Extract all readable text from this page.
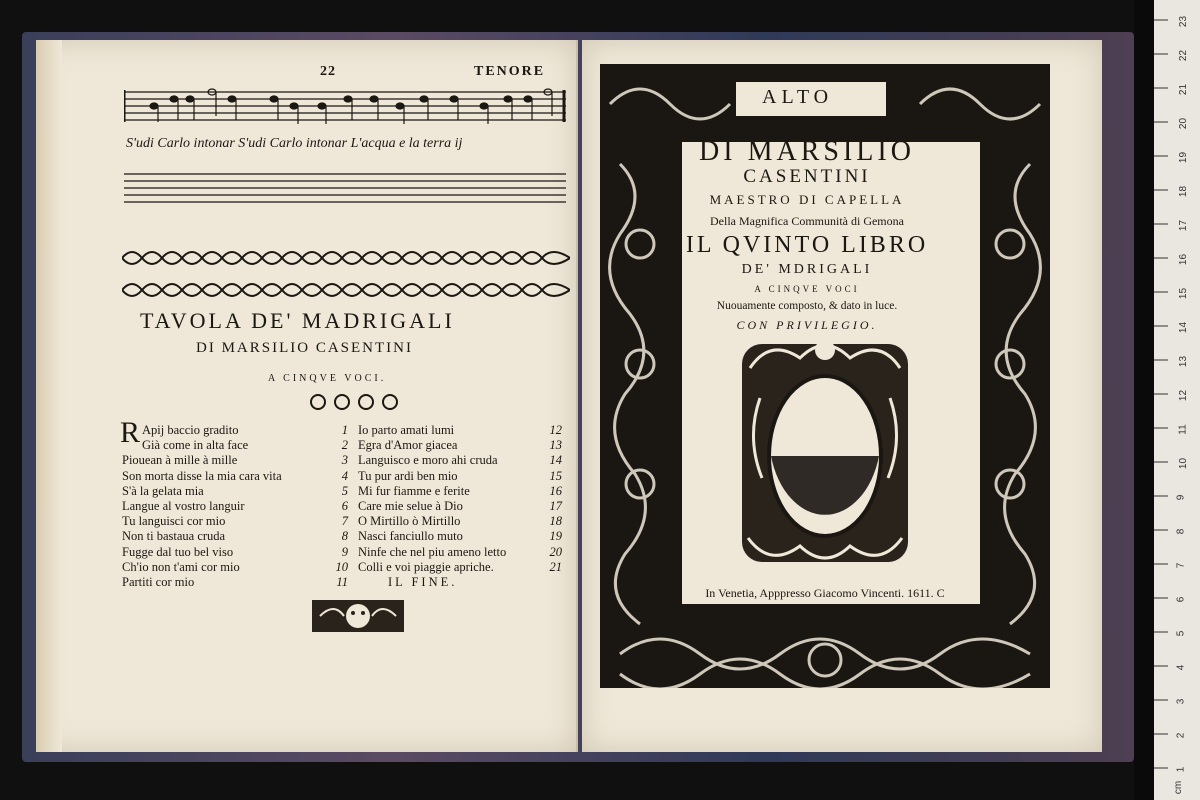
22	TENORE
S'udi Carlo intonar S'udi Carlo intonar L'acqua e la terra ij
TAVOLA DE' MADRIGALI
DI MARSILIO CASENTINI
A CINQVE VOCI.
R Apij baccio gradito
Già come in alta face
Piouean à mille à mille
Son morta disse la mia cara vita
S'à la gelata mia
Langue al vostro languir
Tu languisci cor mio
Non ti bastaua cruda
Fugge dal tuo bel viso
Ch'io non t'ami cor mio
Partiti cor mio
1
2
3
4
5
6
7
8
9
10
11
Io parto amati lumi
Egra d'Amor giacea
Languisco e moro ahi cruda
Tu pur ardi ben mio
Mi fur fiamme e ferite
Care mie selue à Dio
O Mirtillo ò Mirtillo
Nasci fanciullo muto
Ninfe che nel piu ameno letto
Colli e voi piaggie apriche.
IL FINE.
12
13
14
15
16
17
18
19
20
21
ALTO
DI MARSILIO
CASENTINI
MAESTRO DI CAPELLA
Della Magnifica Communità di Gemona
IL QVINTO LIBRO
DE' MDRIGALI
A CINQVE VOCI
Nuouamente composto, & dato in luce.
CON PRIVILEGIO.
In Venetia, Apppresso Giacomo Vincenti. 1611. C
23
22
21
20
19
18
17
16
15
14
13
12
11
10
9
8
7
6
5
4
3
2
1
cm
